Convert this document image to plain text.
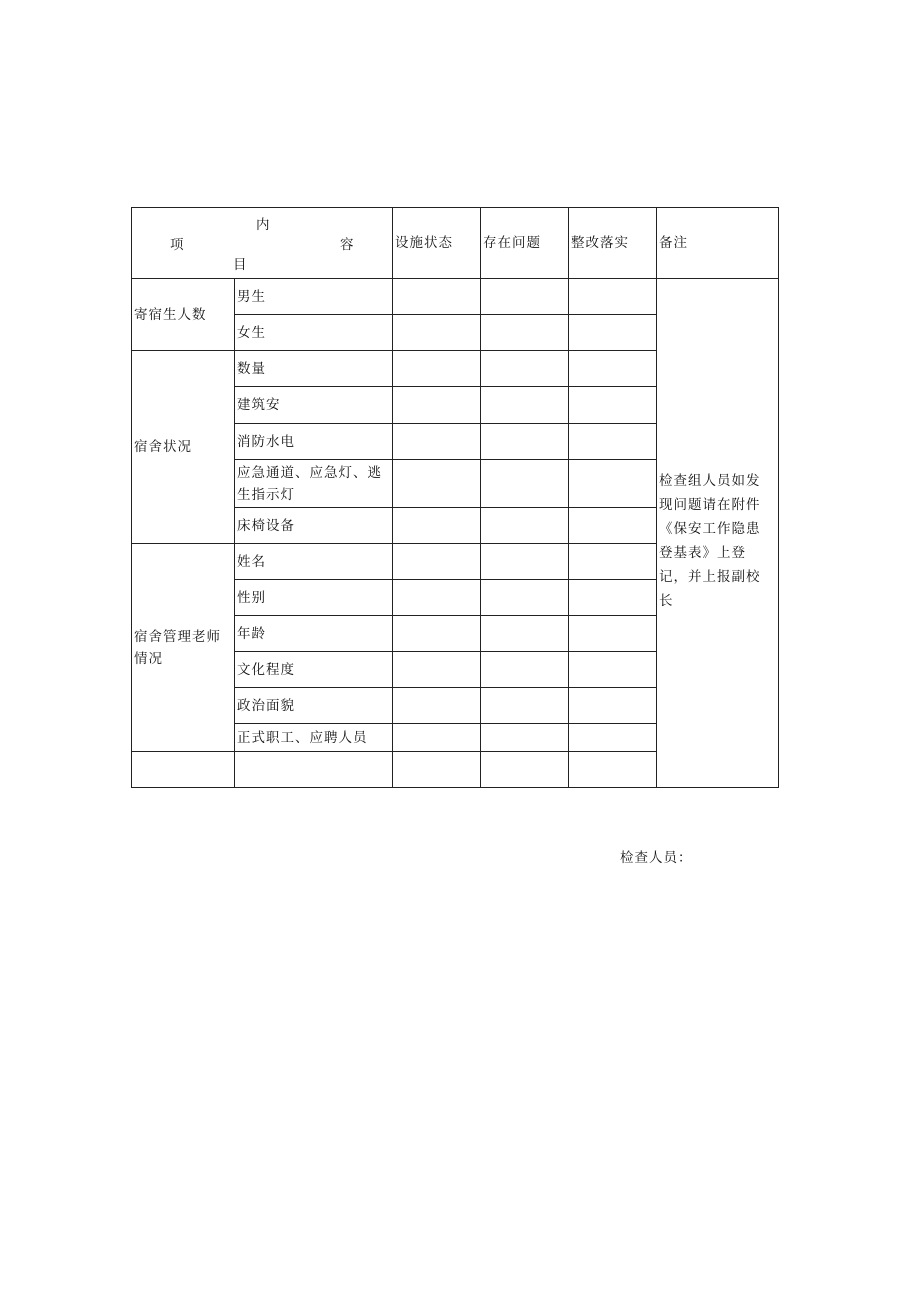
内
项 容
目		设施状态	存在问题	整改落实	备注
寄宿生人数	男生				检查组人员如发现问题请在附件《保安工作隐患登基表》上登记，并上报副校长
	女生				
宿舍状况	数量				
	建筑安				
	消防水电				
	应急通道、应急灯、逃生指示灯				
	床椅设备				
宿舍管理老师情况	姓名				
	性别				
	年龄				
	文化程度				
	政治面貌				
	正式职工、应聘人员				

检查人员：
